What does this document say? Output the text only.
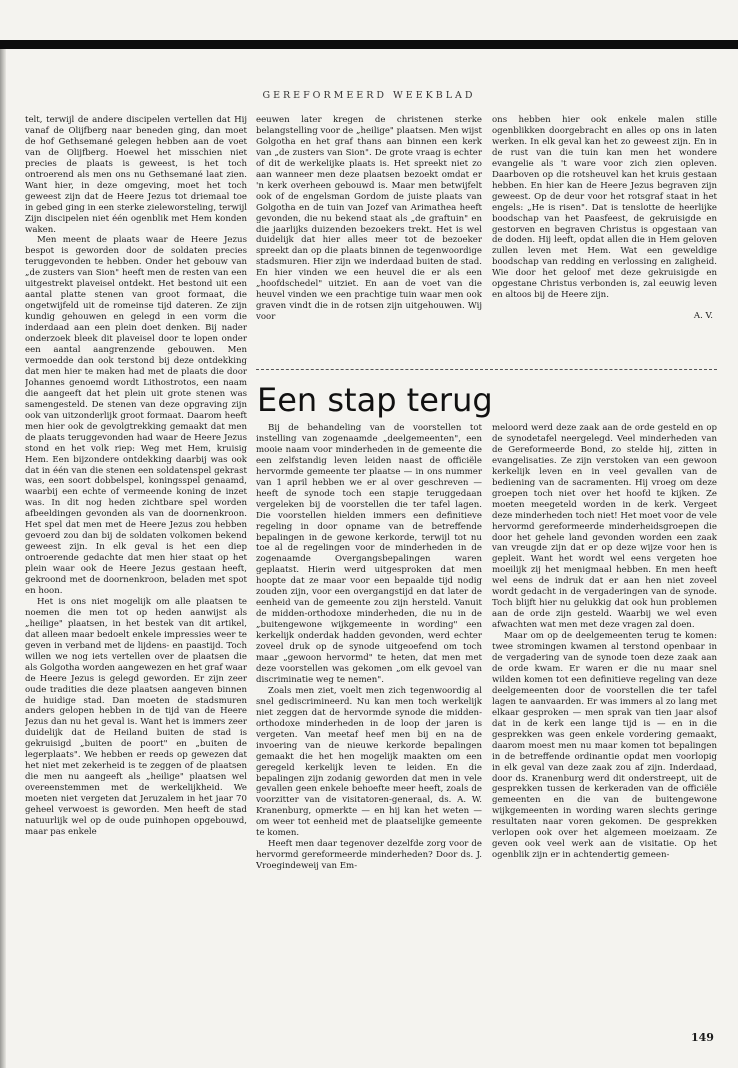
GEREFORMEERD WEEKBLAD

telt, terwijl de andere discipelen vertellen dat Hij vanaf de Olijfberg naar beneden ging, dan moet de hof Gethsemané gelegen hebben aan de voet van de Olijfberg. Hoewel het misschien niet precies de plaats is geweest, is het toch ontroerend als men ons nu Gethsemané laat zien. Want hier, in deze omgeving, moet het toch geweest zijn dat de Heere Jezus tot driemaal toe in gebed ging in een sterke zieleworsteling, terwijl Zijn discipelen niet één ogenblik met Hem konden waken.

Men meent de plaats waar de Heere Jezus bespot is geworden door de soldaten precies teruggevonden te hebben. Onder het gebouw van „de zusters van Sion" heeft men de resten van een uitgestrekt plaveisel ontdekt. Het bestond uit een aantal platte stenen van groot formaat, die ongetwijfeld uit de romeinse tijd dateren. Ze zijn kundig gehouwen en gelegd in een vorm die inderdaad aan een plein doet denken. Bij nader onderzoek bleek dit plaveisel door te lopen onder een aantal aangrenzende gebouwen. Men vermoedde dan ook terstond bij deze ontdekking dat men hier te maken had met de plaats die door Johannes genoemd wordt Lithostrotos, een naam die aangeeft dat het plein uit grote stenen was samengesteld. De stenen van deze opgraving zijn ook van uitzonderlijk groot formaat. Daarom heeft men hier ook de gevolgtrekking gemaakt dat men de plaats teruggevonden had waar de Heere Jezus stond en het volk riep: Weg met Hem, kruisig Hem. Een bijzondere ontdekking daarbij was ook dat in één van die stenen een soldatenspel gekrast was, een soort dobbelspel, koningsspel genaamd, waarbij een echte of vermeende koning de inzet was. In dit nog heden zichtbare spel worden afbeeldingen gevonden als van de doornenkroon. Het spel dat men met de Heere Jezus zou hebben gevoerd zou dan bij de soldaten volkomen bekend geweest zijn. In elk geval is het een diep ontroerende gedachte dat men hier staat op het plein waar ook de Heere Jezus gestaan heeft, gekroond met de doornenkroon, beladen met spot en hoon.

Het is ons niet mogelijk om alle plaatsen te noemen die men tot op heden aanwijst als „heilige" plaatsen, in het bestek van dit artikel, dat alleen maar bedoelt enkele impressies weer te geven in verband met de lijdens- en paastijd. Toch willen we nog iets vertellen over de plaatsen die als Golgotha worden aangewezen en het graf waar de Heere Jezus is gelegd geworden. Er zijn zeer oude tradities die deze plaatsen aangeven binnen de huidige stad. Dan moeten de stadsmuren anders gelopen hebben in de tijd van de Heere Jezus dan nu het geval is. Want het is immers zeer duidelijk dat de Heiland buiten de stad is gekruisigd „buiten de poort" en „buiten de legerplaats". We hebben er reeds op gewezen dat het niet met zekerheid is te zeggen of de plaatsen die men nu aangeeft als „heilige" plaatsen wel overeenstemmen met de werkelijkheid. We moeten niet vergeten dat Jeruzalem in het jaar 70 geheel verwoest is geworden. Men heeft de stad natuurlijk wel op de oude puinhopen opgebouwd, maar pas enkele

eeuwen later kregen de christenen sterke belangstelling voor de „heilige" plaatsen. Men wijst Golgotha en het graf thans aan binnen een kerk van „de zusters van Sion". De grote vraag is echter of dit de werkelijke plaats is. Het spreekt niet zo aan wanneer men deze plaatsen bezoekt omdat er 'n kerk overheen gebouwd is. Maar men betwijfelt ook of de engelsman Gordom de juiste plaats van Golgotha en de tuin van Jozef van Arimathea heeft gevonden, die nu bekend staat als „de graftuin" en die jaarlijks duizenden bezoekers trekt. Het is wel duidelijk dat hier alles meer tot de bezoeker spreekt dan op die plaats binnen de tegenwoordige stadsmuren. Hier zijn we inderdaad buiten de stad. En hier vinden we een heuvel die er als een „hoofdschedel" uitziet. En aan de voet van die heuvel vinden we een prachtige tuin waar men ook graven vindt die in de rotsen zijn uitgehouwen. Wij voor

ons hebben hier ook enkele malen stille ogenblikken doorgebracht en alles op ons in laten werken. In elk geval kan het zo geweest zijn. En in de rust van die tuin kan men het wondere evangelie als 't ware voor zich zien opleven. Daarboven op die rotsheuvel kan het kruis gestaan hebben. En hier kan de Heere Jezus begraven zijn geweest. Op de deur voor het rotsgraf staat in het engels: „He is risen". Dat is tenslotte de heerlijke boodschap van het Paasfeest, de gekruisigde en gestorven en begraven Christus is opgestaan van de doden. Hij leeft, opdat allen die in Hem geloven zullen leven met Hem. Wat een geweldige boodschap van redding en verlossing en zaligheid. Wie door het geloof met deze gekruisigde en opgestane Christus verbonden is, zal eeuwig leven en altoos bij de Heere zijn.

A. V.

Een stap terug

Bij de behandeling van de voorstellen tot instelling van zogenaamde „deelgemeenten", een mooie naam voor minderheden in de gemeente die een zelfstandig leven leiden naast de officiële hervormde gemeente ter plaatse — in ons nummer van 1 april hebben we er al over geschreven — heeft de synode toch een stapje teruggedaan vergeleken bij de voorstellen die ter tafel lagen. Die voorstellen hielden immers een definitieve regeling in door opname van de betreffende bepalingen in de gewone kerkorde, terwijl tot nu toe al de regelingen voor de minderheden in de zogenaamde Overgangsbepalingen waren geplaatst. Hierin werd uitgesproken dat men hoopte dat ze maar voor een bepaalde tijd nodig zouden zijn, voor een overgangstijd en dat later de eenheid van de gemeente zou zijn hersteld. Vanuit de midden-orthodoxe minderheden, die nu in de „buitengewone wijkgemeente in wording" een kerkelijk onderdak hadden gevonden, werd echter zoveel druk op de synode uitgeoefend om toch maar „gewoon hervormd" te heten, dat men met deze voorstellen was gekomen „om elk gevoel van discriminatie weg te nemen".

Zoals men ziet, voelt men zich tegenwoordig al snel gediscrimineerd. Nu kan men toch werkelijk niet zeggen dat de hervormde synode die midden-orthodoxe minderheden in de loop der jaren is vergeten. Van meetaf heef men bij en na de invoering van de nieuwe kerkorde bepalingen gemaakt die het hen mogelijk maakten om een geregeld kerkelijk leven te leiden. En die bepalingen zijn zodanig geworden dat men in vele gevallen geen enkele behoefte meer heeft, zoals de voorzitter van de visitatoren-generaal, ds. A. W. Kranenburg, opmerkte — en hij kan het weten — om weer tot eenheid met de plaatselijke gemeente te komen.

Heeft men daar tegenover dezelfde zorg voor de hervormd gereformeerde minderheden? Door ds. J. Vroegindeweij van Em-

meloord werd deze zaak aan de orde gesteld en op de synodetafel neergelegd. Veel minderheden van de Gereformeerde Bond, zo stelde hij, zitten in evangelisaties. Ze zijn verstoken van een gewoon kerkelijk leven en in veel gevallen van de bediening van de sacramenten. Hij vroeg om deze groepen toch niet over het hoofd te kijken. Ze moeten meegeteld worden in de kerk. Vergeet deze minderheden toch niet! Het moet voor de vele hervormd gereformeerde minderheidsgroepen die door het gehele land gevonden worden een zaak van vreugde zijn dat er op deze wijze voor hen is gepleit. Want het wordt wel eens vergeten hoe moeilijk zij het menigmaal hebben. En men heeft wel eens de indruk dat er aan hen niet zoveel wordt gedacht in de vergaderingen van de synode. Toch blijft hier nu gelukkig dat ook hun problemen aan de orde zijn gesteld. Waarbij we wel even afwachten wat men met deze vragen zal doen.

Maar om op de deelgemeenten terug te komen: twee stromingen kwamen al terstond openbaar in de vergadering van de synode toen deze zaak aan de orde kwam. Er waren er die nu maar snel wilden komen tot een definitieve regeling van deze deelgemeenten door de voorstellen die ter tafel lagen te aanvaarden. Er was immers al zo lang met elkaar gesproken — men sprak van tien jaar alsof dat in de kerk een lange tijd is — en in die gesprekken was geen enkele vordering gemaakt, daarom moest men nu maar komen tot bepalingen in de betreffende ordinantie opdat men voorlopig in elk geval van deze zaak zou af zijn. Inderdaad, door ds. Kranenburg werd dit onderstreept, uit de gesprekken tussen de kerkeraden van de officiële gemeenten en die van de buitengewone wijkgemeenten in wording waren slechts geringe resultaten naar voren gekomen. De gesprekken verlopen ook over het algemeen moeizaam. Ze geven ook veel werk aan de visitatie. Op het ogenblik zijn er in achtendertig gemeen-

149
